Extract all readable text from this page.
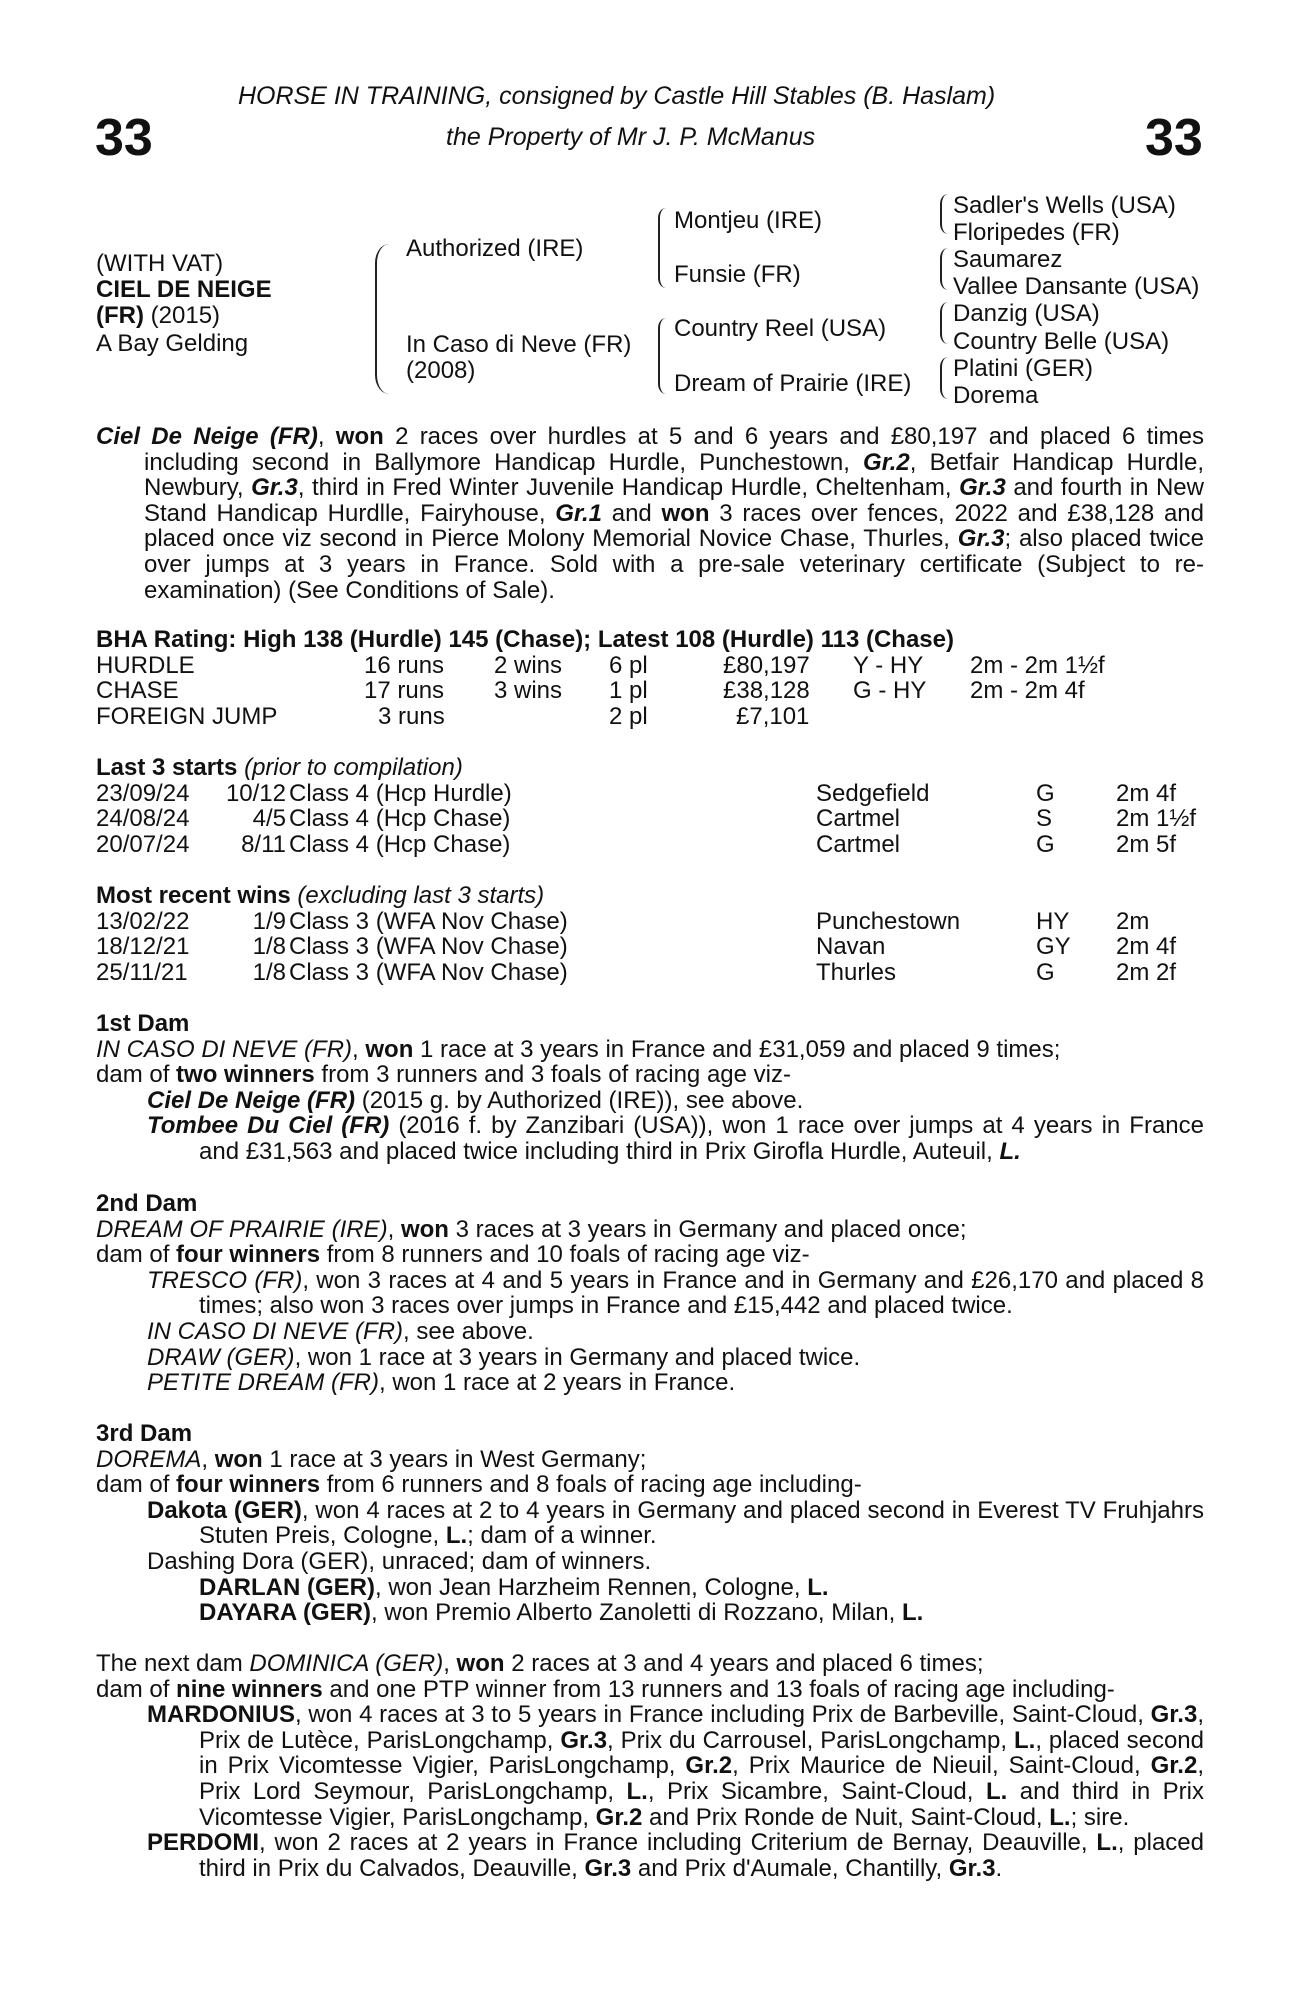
33	33
HORSE IN TRAINING, consigned by Castle Hill Stables (B. Haslam)
the Property of Mr J. P. McManus
(WITH VAT)
CIEL DE NEIGE
(FR) (2015)
A Bay Gelding
Authorized (IRE)
In Caso di Neve (FR)
(2008)
Montjeu (IRE)
Funsie (FR)
Country Reel (USA)
Dream of Prairie (IRE)
Sadler's Wells (USA)
Floripedes (FR)
Saumarez
Vallee Dansante (USA)
Danzig (USA)
Country Belle (USA)
Platini (GER)
Dorema
Ciel De Neige (FR), won 2 races over hurdles at 5 and 6 years and £80,197 and placed 6 times including second in Ballymore Handicap Hurdle, Punchestown, Gr.2, Betfair Handicap Hurdle, Newbury, Gr.3, third in Fred Winter Juvenile Handicap Hurdle, Cheltenham, Gr.3 and fourth in New Stand Handicap Hurdlle, Fairyhouse, Gr.1 and won 3 races over fences, 2022 and £38,128 and placed once viz second in Pierce Molony Memorial Novice Chase, Thurles, Gr.3; also placed twice over jumps at 3 years in France. Sold with a pre-sale veterinary certificate (Subject to re-examination) (See Conditions of Sale).
BHA Rating: High 138 (Hurdle) 145 (Chase); Latest 108 (Hurdle) 113 (Chase)
HURDLE	16 runs 2 wins 6 pl	£80,197 Y - HY 2m - 2m 1½f
CHASE	17 runs 3 wins 1 pl	£38,128 G - HY 2m - 2m 4f
FOREIGN JUMP	3 runs	2 pl	£7,101
Last 3 starts (prior to compilation)
23/09/24	10/12 Class 4 (Hcp Hurdle)	Sedgefield	G	2m 4f
24/08/24	4/5 Class 4 (Hcp Chase)	Cartmel	S	2m 1½f
20/07/24	8/11 Class 4 (Hcp Chase)	Cartmel	G	2m 5f
Most recent wins (excluding last 3 starts)
13/02/22	1/9 Class 3 (WFA Nov Chase)	Punchestown	HY 2m
18/12/21	1/8 Class 3 (WFA Nov Chase)	Navan	GY 2m 4f
25/11/21	1/8 Class 3 (WFA Nov Chase)	Thurles	G	2m 2f
1st Dam
IN CASO DI NEVE (FR), won 1 race at 3 years in France and £31,059 and placed 9 times;
dam of two winners from 3 runners and 3 foals of racing age viz-
Ciel De Neige (FR) (2015 g. by Authorized (IRE)), see above.
Tombee Du Ciel (FR) (2016 f. by Zanzibari (USA)), won 1 race over jumps at 4 years in France and £31,563 and placed twice including third in Prix Girofla Hurdle, Auteuil, L.
2nd Dam
DREAM OF PRAIRIE (IRE), won 3 races at 3 years in Germany and placed once;
dam of four winners from 8 runners and 10 foals of racing age viz-
TRESCO (FR), won 3 races at 4 and 5 years in France and in Germany and £26,170 and placed 8 times; also won 3 races over jumps in France and £15,442 and placed twice.
IN CASO DI NEVE (FR), see above.
DRAW (GER), won 1 race at 3 years in Germany and placed twice.
PETITE DREAM (FR), won 1 race at 2 years in France.
3rd Dam
DOREMA, won 1 race at 3 years in West Germany;
dam of four winners from 6 runners and 8 foals of racing age including-
Dakota (GER), won 4 races at 2 to 4 years in Germany and placed second in Everest TV Fruhjahrs Stuten Preis, Cologne, L.; dam of a winner.
Dashing Dora (GER), unraced; dam of winners.
DARLAN (GER), won Jean Harzheim Rennen, Cologne, L.
DAYARA (GER), won Premio Alberto Zanoletti di Rozzano, Milan, L.
The next dam DOMINICA (GER), won 2 races at 3 and 4 years and placed 6 times;
dam of nine winners and one PTP winner from 13 runners and 13 foals of racing age including-
MARDONIUS, won 4 races at 3 to 5 years in France including Prix de Barbeville, Saint-Cloud, Gr.3, Prix de Lutèce, ParisLongchamp, Gr.3, Prix du Carrousel, ParisLongchamp, L., placed second in Prix Vicomtesse Vigier, ParisLongchamp, Gr.2, Prix Maurice de Nieuil, Saint-Cloud, Gr.2, Prix Lord Seymour, ParisLongchamp, L., Prix Sicambre, Saint-Cloud, L. and third in Prix Vicomtesse Vigier, ParisLongchamp, Gr.2 and Prix Ronde de Nuit, Saint-Cloud, L.; sire.
PERDOMI, won 2 races at 2 years in France including Criterium de Bernay, Deauville, L., placed third in Prix du Calvados, Deauville, Gr.3 and Prix d'Aumale, Chantilly, Gr.3.
